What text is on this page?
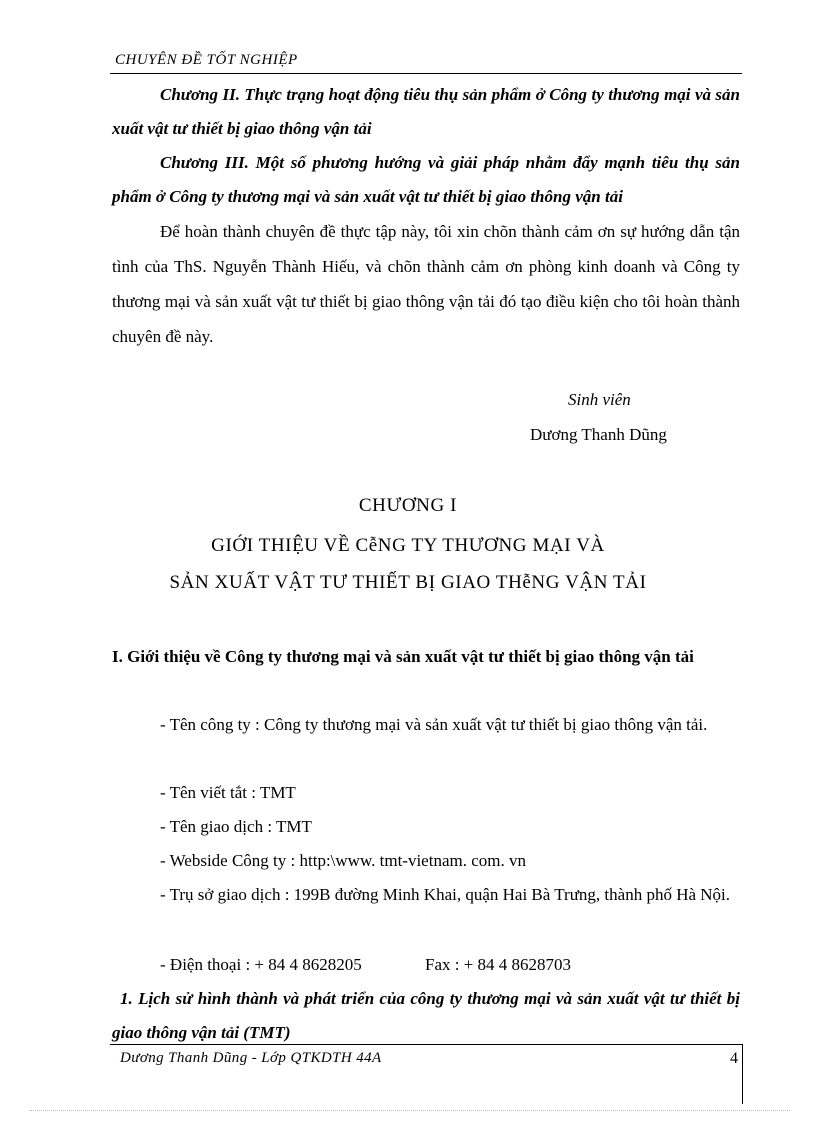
CHUYÊN ĐỀ TỐT NGHIỆP

Chương II. Thực trạng hoạt động tiêu thụ sản phẩm ở Công ty thương mại và sản xuất vật tư thiết bị giao thông vận tải

Chương III. Một số phương hướng và giải pháp nhằm đẩy mạnh tiêu thụ sản phẩm ở Công ty thương mại và sản xuất vật tư thiết bị giao thông vận tải

Để hoàn thành chuyên đề thực tập này, tôi xin chõn thành cảm ơn sự hướng dẫn tận tình của ThS. Nguyễn Thành Hiếu, và chõn thành cảm ơn phòng kinh doanh và Công ty thương mại và sản xuất vật tư thiết bị giao thông vận tải đó tạo điều kiện cho tôi hoàn thành chuyên đề này.

Sinh viên
Dương Thanh Dũng
CHƯƠNG I
GIỚI THIỆU VỀ CễNG TY THƯƠNG MẠI VÀ
SẢN XUẤT VẬT TƯ THIẾT BỊ GIAO THễNG VẬN TẢI

I. Giới thiệu về Công ty thương mại và sản xuất vật tư thiết bị giao thông vận tải

- Tên công ty : Công ty thương mại và sản xuất vật tư thiết bị giao thông vận tải.

- Tên viết tắt : TMT
- Tên giao dịch : TMT
- Webside Công ty : http:\www. tmt-vietnam. com. vn

- Trụ sở giao dịch : 199B đường Minh Khai, quận Hai Bà Trưng, thành phố Hà Nội.

- Điện thoại : + 84 4 8628205	Fax : + 84 4 8628703

1. Lịch sử hình thành và phát triển của công ty thương mại và sản xuất vật tư thiết bị giao thông vận tải (TMT)

Dương Thanh Dũng - Lớp QTKDTH 44A	4
